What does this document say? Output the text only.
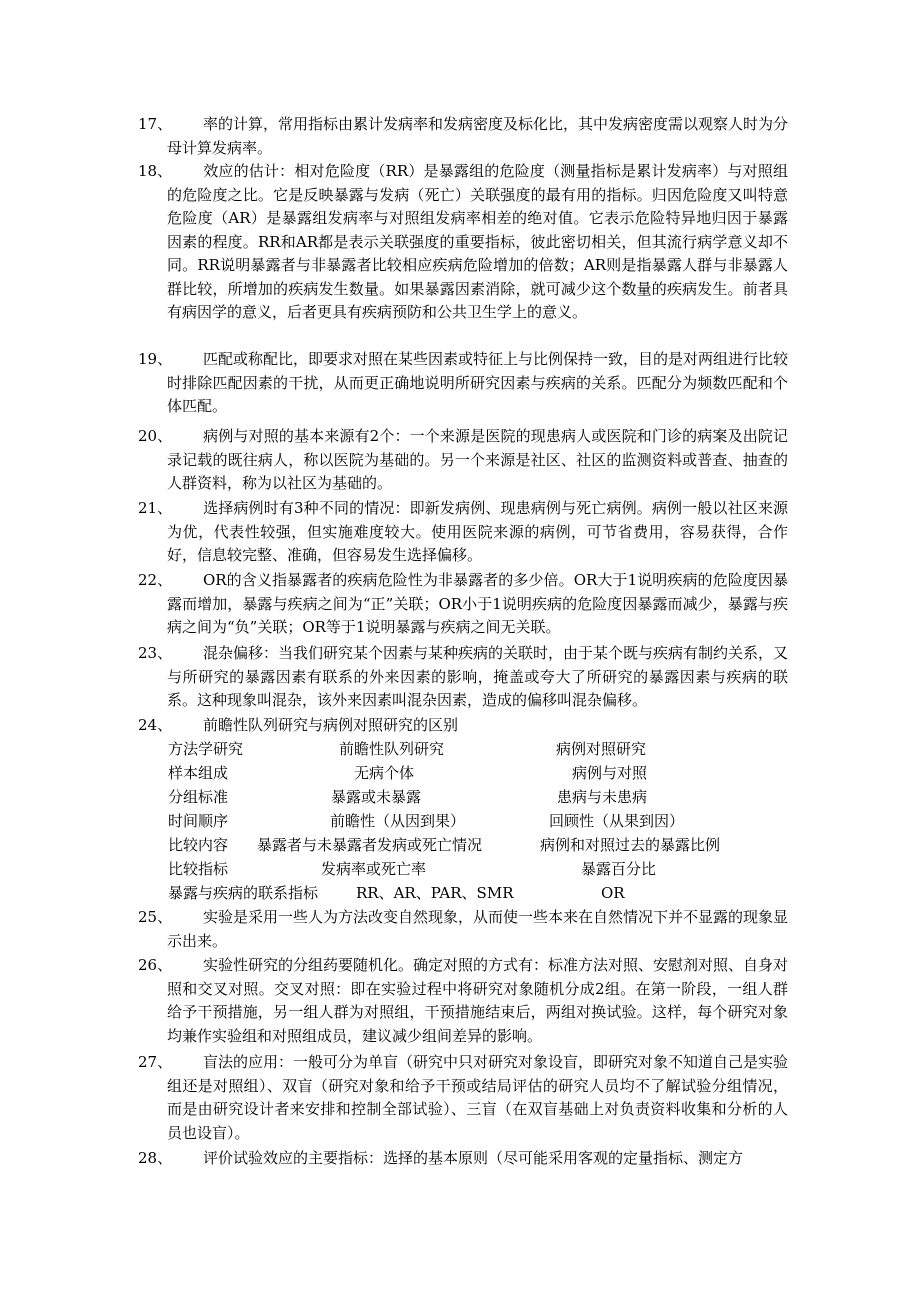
17、	率的计算，常用指标由累计发病率和发病密度及标化比，其中发病密度需以观察人时为分母计算发病率。
18、	效应的估计：相对危险度（RR）是暴露组的危险度（测量指标是累计发病率）与对照组的危险度之比。它是反映暴露与发病（死亡）关联强度的最有用的指标。归因危险度又叫特意危险度（AR）是暴露组发病率与对照组发病率相差的绝对值。它表示危险特异地归因于暴露因素的程度。RR和AR都是表示关联强度的重要指标，彼此密切相关，但其流行病学意义却不同。RR说明暴露者与非暴露者比较相应疾病危险增加的倍数；AR则是指暴露人群与非暴露人群比较，所增加的疾病发生数量。如果暴露因素消除，就可减少这个数量的疾病发生。前者具有病因学的意义，后者更具有疾病预防和公共卫生学上的意义。
19、	匹配或称配比，即要求对照在某些因素或特征上与比例保持一致，目的是对两组进行比较时排除匹配因素的干扰，从而更正确地说明所研究因素与疾病的关系。匹配分为频数匹配和个体匹配。
20、	病例与对照的基本来源有2个：一个来源是医院的现患病人或医院和门诊的病案及出院记录记载的既往病人，称以医院为基础的。另一个来源是社区、社区的监测资料或普查、抽查的人群资料，称为以社区为基础的。
21、	选择病例时有3种不同的情况：即新发病例、现患病例与死亡病例。病例一般以社区来源为优，代表性较强，但实施难度较大。使用医院来源的病例，可节省费用，容易获得，合作好，信息较完整、准确，但容易发生选择偏移。
22、	OR的含义指暴露者的疾病危险性为非暴露者的多少倍。OR大于1说明疾病的危险度因暴露而增加，暴露与疾病之间为“正”关联；OR小于1说明疾病的危险度因暴露而减少，暴露与疾病之间为“负”关联；OR等于1说明暴露与疾病之间无关联。
23、	混杂偏移：当我们研究某个因素与某种疾病的关联时，由于某个既与疾病有制约关系，又与所研究的暴露因素有联系的外来因素的影响，掩盖或夸大了所研究的暴露因素与疾病的联系。这种现象叫混杂，该外来因素叫混杂因素，造成的偏移叫混杂偏移。
24、	前瞻性队列研究与病例对照研究的区别
方法学研究	前瞻性队列研究	病例对照研究
样本组成	无病个体	病例与对照
分组标准	暴露或未暴露	患病与未患病
时间顺序	前瞻性（从因到果）	回顾性（从果到因）
比较内容 暴露者与未暴露者发病或死亡情况	病例和对照过去的暴露比例
比较指标	发病率或死亡率	暴露百分比
暴露与疾病的联系指标	RR、AR、PAR、SMR	OR
25、	实验是采用一些人为方法改变自然现象，从而使一些本来在自然情况下并不显露的现象显示出来。
26、	实验性研究的分组药要随机化。确定对照的方式有：标准方法对照、安慰剂对照、自身对照和交叉对照。交叉对照：即在实验过程中将研究对象随机分成2组。在第一阶段，一组人群给予干预措施，另一组人群为对照组，干预措施结束后，两组对换试验。这样，每个研究对象均兼作实验组和对照组成员，建议减少组间差异的影响。
27、	盲法的应用：一般可分为单盲（研究中只对研究对象设盲，即研究对象不知道自己是实验组还是对照组）、双盲（研究对象和给予干预或结局评估的研究人员均不了解试验分组情况，而是由研究设计者来安排和控制全部试验）、三盲（在双盲基础上对负责资料收集和分析的人员也设盲）。
28、	评价试验效应的主要指标：选择的基本原则（尽可能采用客观的定量指标、测定方
